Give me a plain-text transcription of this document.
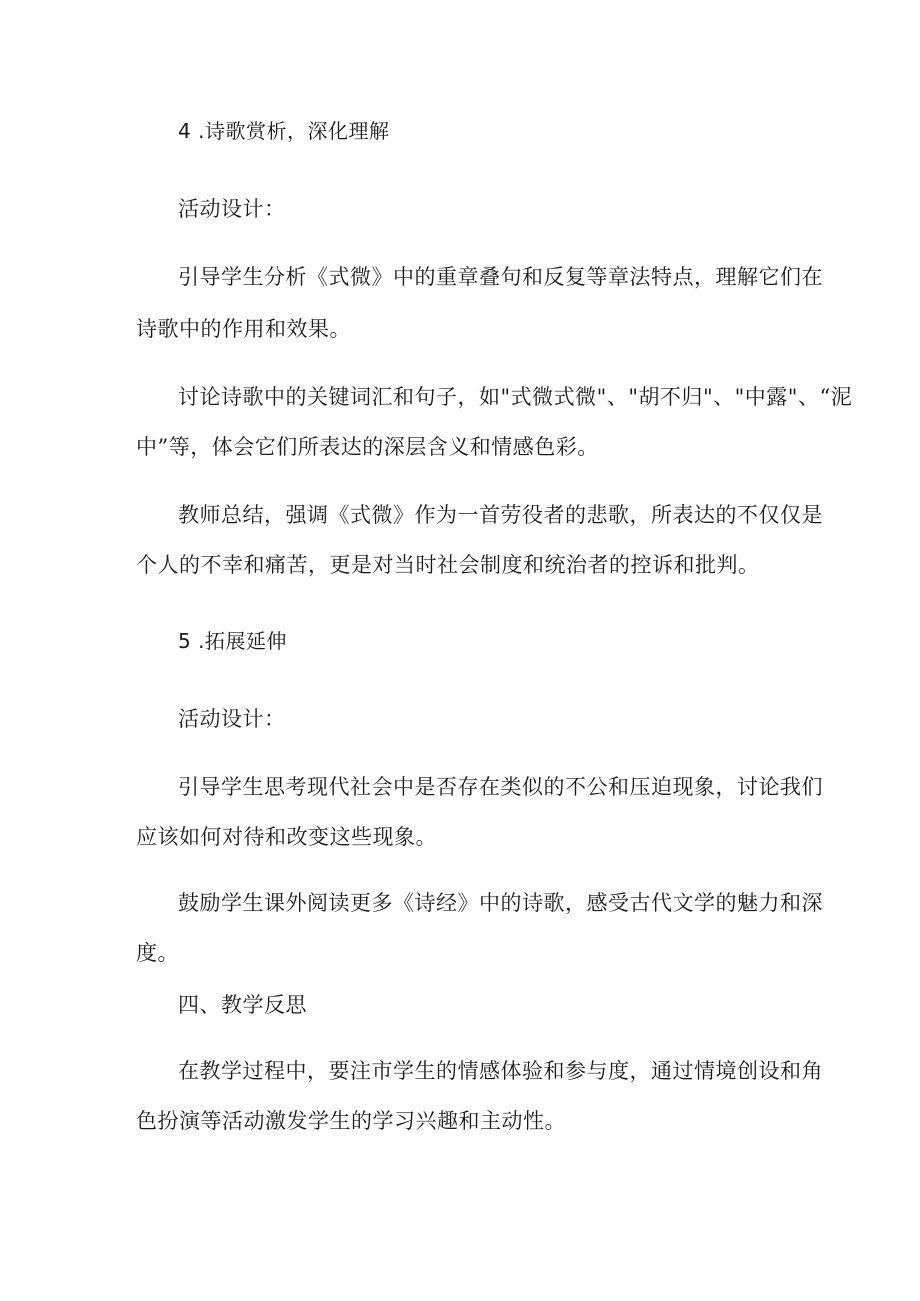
4 .诗歌赏析，深化理解
活动设计：
引导学生分析《式微》中的重章叠句和反复等章法特点，理解它们在
诗歌中的作用和效果。
讨论诗歌中的关键词汇和句子，如"式微式微"、"胡不归"、"中露"、“泥
中”等，体会它们所表达的深层含义和情感色彩。
教师总结，强调《式微》作为一首劳役者的悲歌，所表达的不仅仅是
个人的不幸和痛苦，更是对当时社会制度和统治者的控诉和批判。
5 .拓展延伸
活动设计：
引导学生思考现代社会中是否存在类似的不公和压迫现象，讨论我们
应该如何对待和改变这些现象。
鼓励学生课外阅读更多《诗经》中的诗歌，感受古代文学的魅力和深
度。
四、教学反思
在教学过程中，要注市学生的情感体验和参与度，通过情境创设和角
色扮演等活动激发学生的学习兴趣和主动性。
